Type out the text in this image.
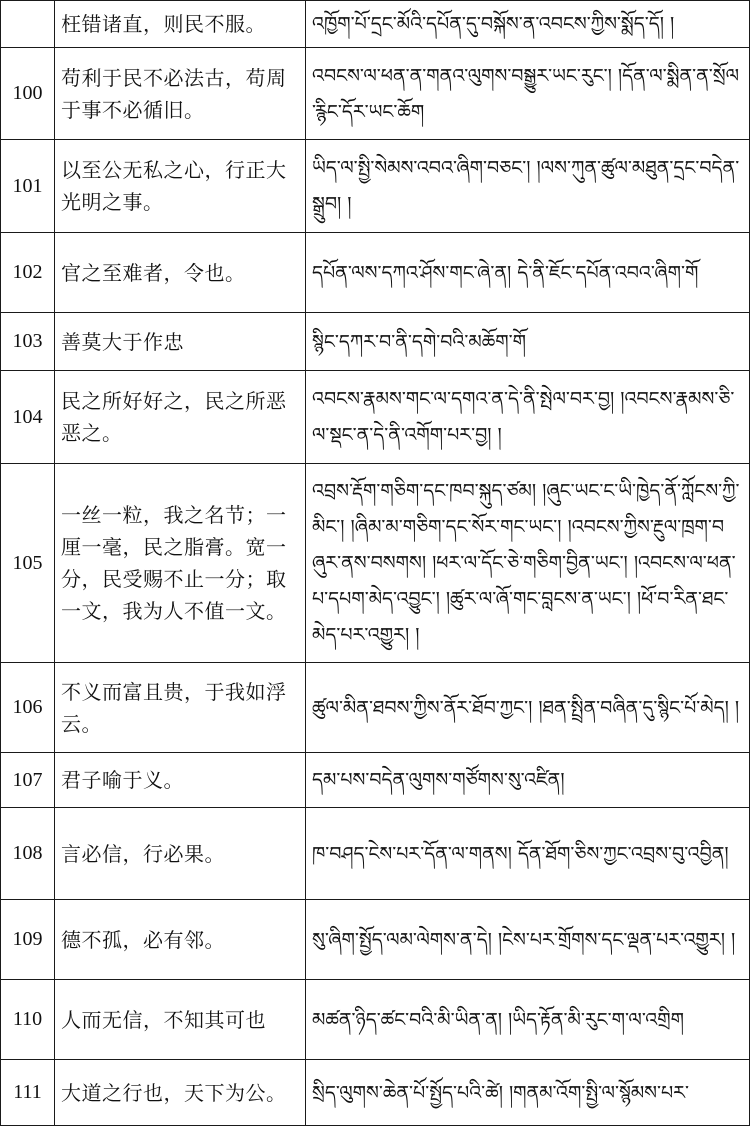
	枉错诸直，则民不服。	འཁྱོག་པོ་དྲང་མོའི་དཔོན་དུ་བསྐོས་ན་འབངས་ཀྱིས་སྨོད་དོ། །
100	苟利于民不必法古，苟周于事不必循旧。	འབངས་ལ་ཕན་ན་གནའ་ལུགས་བསྒྱུར་ཡང་རུང་། །དོན་ལ་སྨིན་ན་སྲོལ་རྙིང་དོར་ཡང་ཆོག
101	以至公无私之心，行正大光明之事。	ཡིད་ལ་སྤྱི་སེམས་འབའ་ཞིག་བཅང་། །ལས་ཀུན་ཚུལ་མཐུན་དྲང་བདེན་སྒྲུབ། །
102	官之至难者，令也。	དཔོན་ལས་དཀའ་ཤོས་གང་ཞེ་ན། དེ་ནི་ཇོང་དཔོན་འབའ་ཞིག་གོ
103	善莫大于作忠	སྙིང་དཀར་བ་ནི་དགེ་བའི་མཆོག་གོ
104	民之所好好之，民之所恶恶之。	འབངས་རྣམས་གང་ལ་དགའ་ན་དེ་ནི་སྤེལ་བར་བྱ། །འབངས་རྣམས་ཅི་ལ་སྡང་ན་དེ་ནི་འགོག་པར་བྱ། །
105	一丝一粒，我之名节；一厘一毫，民之脂膏。宽一分，民受赐不止一分；取一文，我为人不值一文。	འབྲས་རྡོག་གཅིག་དང་ཁབ་སྐུད་ཙམ། །ཞུང་ཡང་ང་ཡི་ཁྱེད་ནོ་ཀློངས་ཀྱི་མིང་། །ཞིམ་མ་གཅིག་དང་སོར་གང་ཡང་། །འབངས་ཀྱིས་རྔུལ་ཁྲག་བཞུར་ནས་བསགས། །ཕར་ལ་དོང་ཅེ་གཅིག་བྱིན་ཡང་། །འབངས་ལ་ཕན་པ་དཔག་མེད་འབྱུང་། །ཚུར་ལ་ཞོ་གང་བླངས་ན་ཡང་། །ཕོ་བ་རིན་ཐང་མེད་པར་འགྱུར། །
106	不义而富且贵，于我如浮云。	ཚུལ་མིན་ཐབས་ཀྱིས་ནོར་ཐོབ་ཀྱང་། །ཐན་སྤྲིན་བཞིན་དུ་སྙིང་པོ་མེད། །
107	君子喻于义。	དམ་པས་བདེན་ལུགས་གཙོགས་སུ་འཛིན།
108	言必信，行必果。	ཁ་བཤད་ངེས་པར་དོན་ལ་གནས། དོན་ཐོག་ཅིས་ཀྱང་འབྲས་བུ་འབྱིན།
109	德不孤，必有邻。	སུ་ཞིག་སྤྱོད་ལམ་ལེགས་ན་དེ། །ངེས་པར་གྲོགས་དང་ལྡན་པར་འགྱུར། །
110	人而无信，不知其可也	མཚན་ཉིད་ཚང་བའི་མི་ཡིན་ན། །ཡིད་རྟོན་མི་རུང་ག་ལ་འགྲིག
111	大道之行也，天下为公。	སྲིད་ལུགས་ཆེན་པོ་སྤྱོད་པའི་ཚེ། །གནམ་འོག་སྤྱི་ལ་སྙོམས་པར་
